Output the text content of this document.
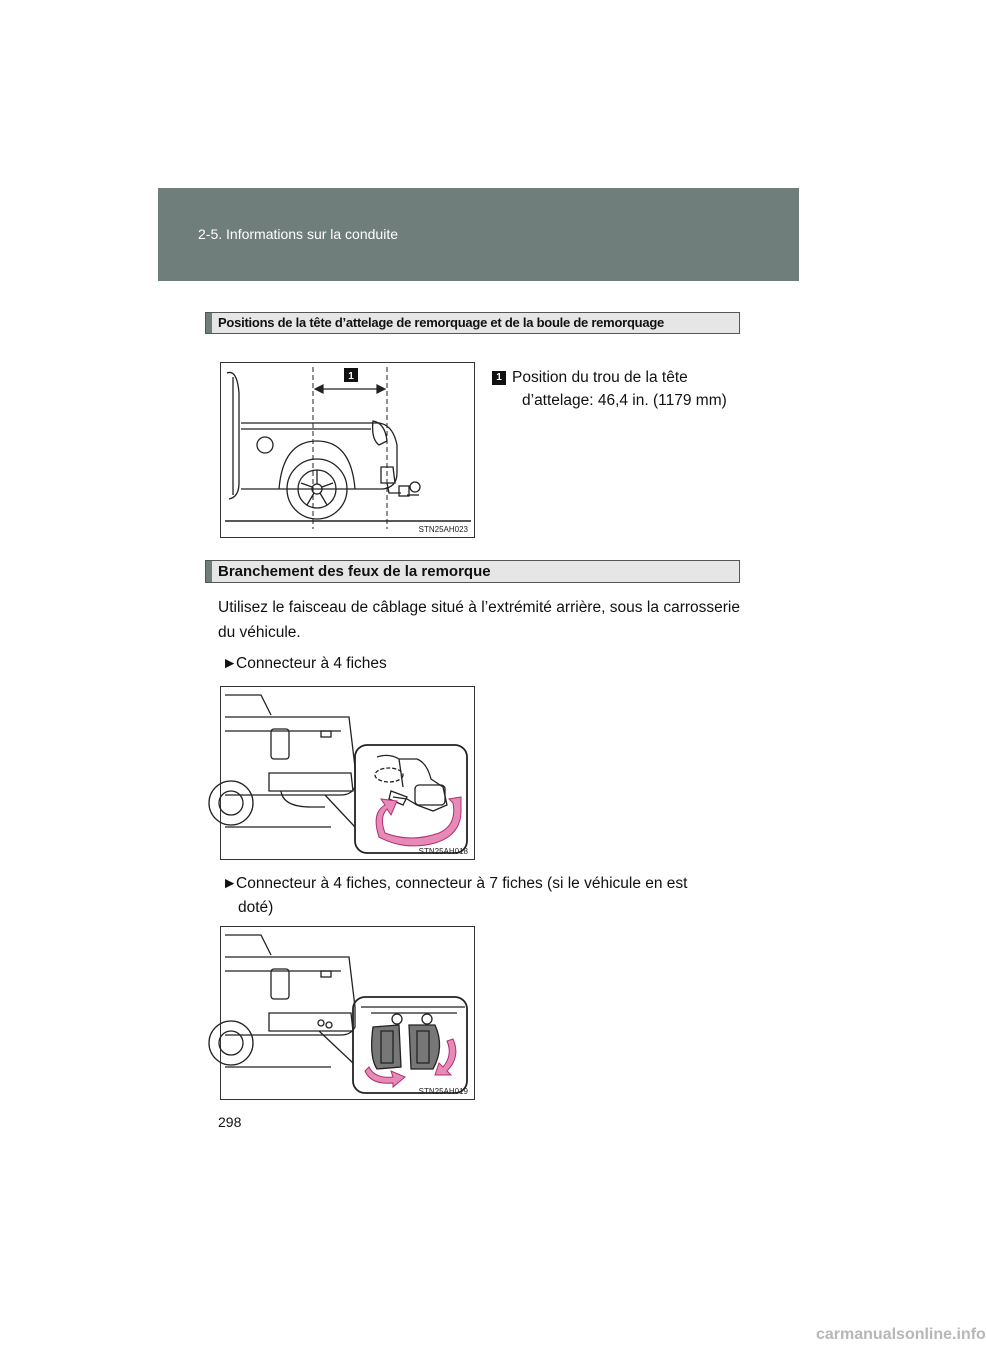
2-5. Informations sur la conduite
Positions de la tête d’attelage de remorquage et de la boule de remorquage
1
STN25AH023
1 Position du trou de la tête
d’attelage: 46,4 in. (1179 mm)
Branchement des feux de la remorque
Utilisez le faisceau de câblage situé à l’extrémité arrière, sous la carrosserie du véhicule.
►Connecteur à 4 fiches
STN25AH018
►Connecteur à 4 fiches, connecteur à 7 fiches (si le véhicule en est
doté)
STN25AH019
298
carmanualsonline.info
